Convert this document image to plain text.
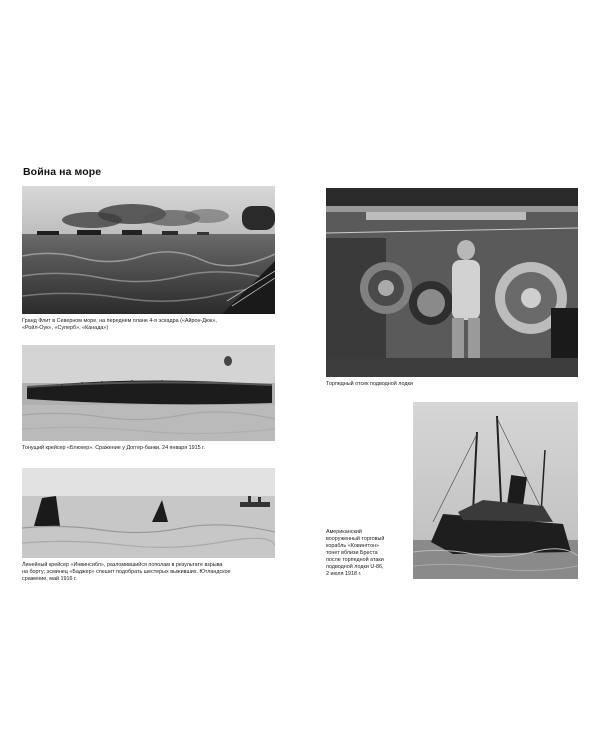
Война на море
Гранд Флит в Северном море, на переднем плане 4-я эскадра («Айрон-Дюк»,
«Ройл-Оук», «Суперб», «Канада»)
Тонущий крейсер «Блюхер». Сражение у Доггер-банки, 24 января 1915 г.
Линейный крейсер «Инвинсибл», разломившийся пополам в результате взрыва
на борту; эсминец «Баджер» спешит подобрать шестерых выживших. Ютландское
сражение, май 1916 г.
Торпедный отсек подводной лодки
Американский
вооруженный торговый
корабль «Ковингтон»
тонет вблизи Бреста
после торпедной атаки
подводной лодки U-86,
2 июля 1918 г.
